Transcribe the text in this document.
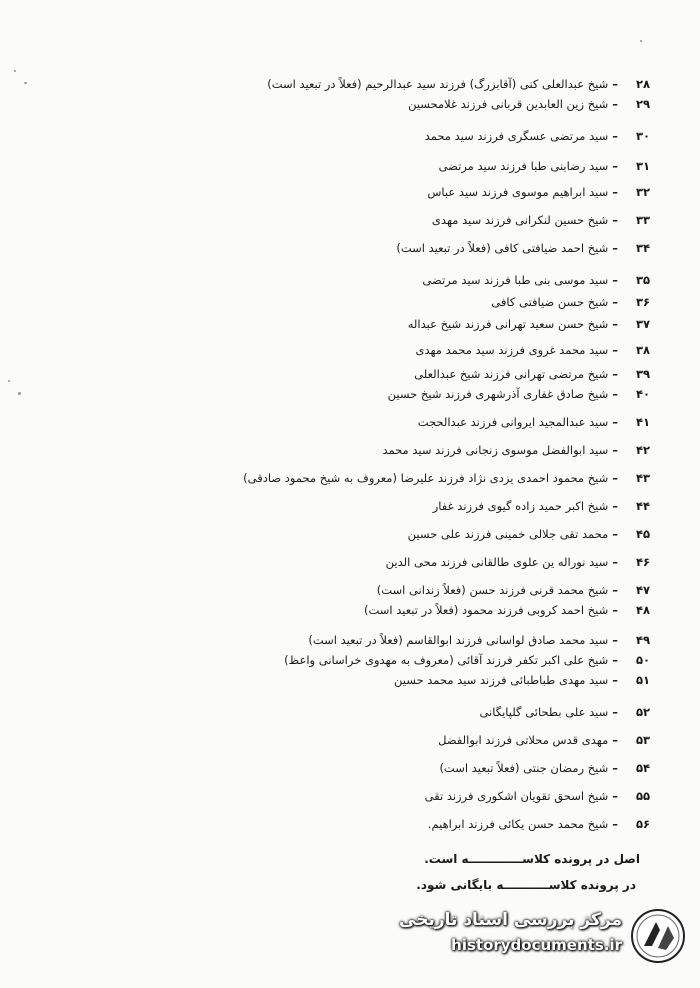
۲۸
–
شیخ عبدالعلی کنی (آقابزرگ) فرزند سید عبدالرحیم (فعلاً در تبعید است)
۲۹
–
شیخ زین العابدین قربانی فرزند غلامحسین
۳۰
–
سید مرتضی عسگری فرزند سید محمد
۳۱
–
سید رضابنی طبا فرزند سید مرتضی
۳۲
–
سید ابراهیم موسوی فرزند سید عباس
۳۳
–
شیخ حسین لنکرانی فرزند سید مهدی
۳۴
–
شیخ احمد ضیافتی کافی (فعلاً در تبعید است)
۳۵
–
سید موسی بنی طبا فرزند سید مرتضی
۳۶
–
شیخ حسن ضیافتی کافی
۳۷
–
شیخ حسن سعید تهرانی فرزند شیخ عبداله
۳۸
–
سید محمد غروی فرزند سید محمد مهدی
۳۹
–
شیخ مرتضی تهرانی فرزند شیخ عبدالعلی
۴۰
–
شیخ صادق غفاری آذرشهری فرزند شیخ حسین
۴۱
–
سید عبدالمجید ایروانی فرزند عبدالحجت
۴۲
–
سید ابوالفضل موسوی زنجانی فرزند سید محمد
۴۳
–
شیخ محمود احمدی یزدی نژاد فرزند علیرضا (معروف به شیخ محمود صادقی)
۴۴
–
شیخ اکبر حمید زاده گیوی فرزند غفار
۴۵
–
محمد تقی جلالی خمینی فرزند علی حسین
۴۶
–
سید نوراله ین علوی طالقانی فرزند محی الدین
۴۷
–
شیخ محمد قرنی فرزند حسن (فعلاً زندانی است)
۴۸
–
شیخ احمد کروبی فرزند محمود (فعلاً در تبعید است)
۴۹
–
سید محمد صادق لواسانی فرزند ابوالقاسم (فعلاً در تبعید است)
۵۰
–
شیخ علی اکبر تکفر فرزند آقائی (معروف به مهدوی خراسانی واعظ)
۵۱
–
سید مهدی طباطبائی فرزند سید محمد حسین
۵۲
–
سید علی بطحائی گلپایگانی
۵۳
–
مهدی قدس محلاتی فرزند ابوالفضل
۵۴
–
شیخ رمضان جنتی (فعلاً تبعید است)
۵۵
–
شیخ اسحق تقویان اشکوری فرزند تقی
۵۶
–
شیخ محمد حسن یکائی فرزند ابراهیم.
اصل در پرونده کلاســـــــــــــه است.
در پرونده کلاســـــــــــه بایگانی شود.
مرکز بررسی اسناد تاریخی
historydocuments.ir
